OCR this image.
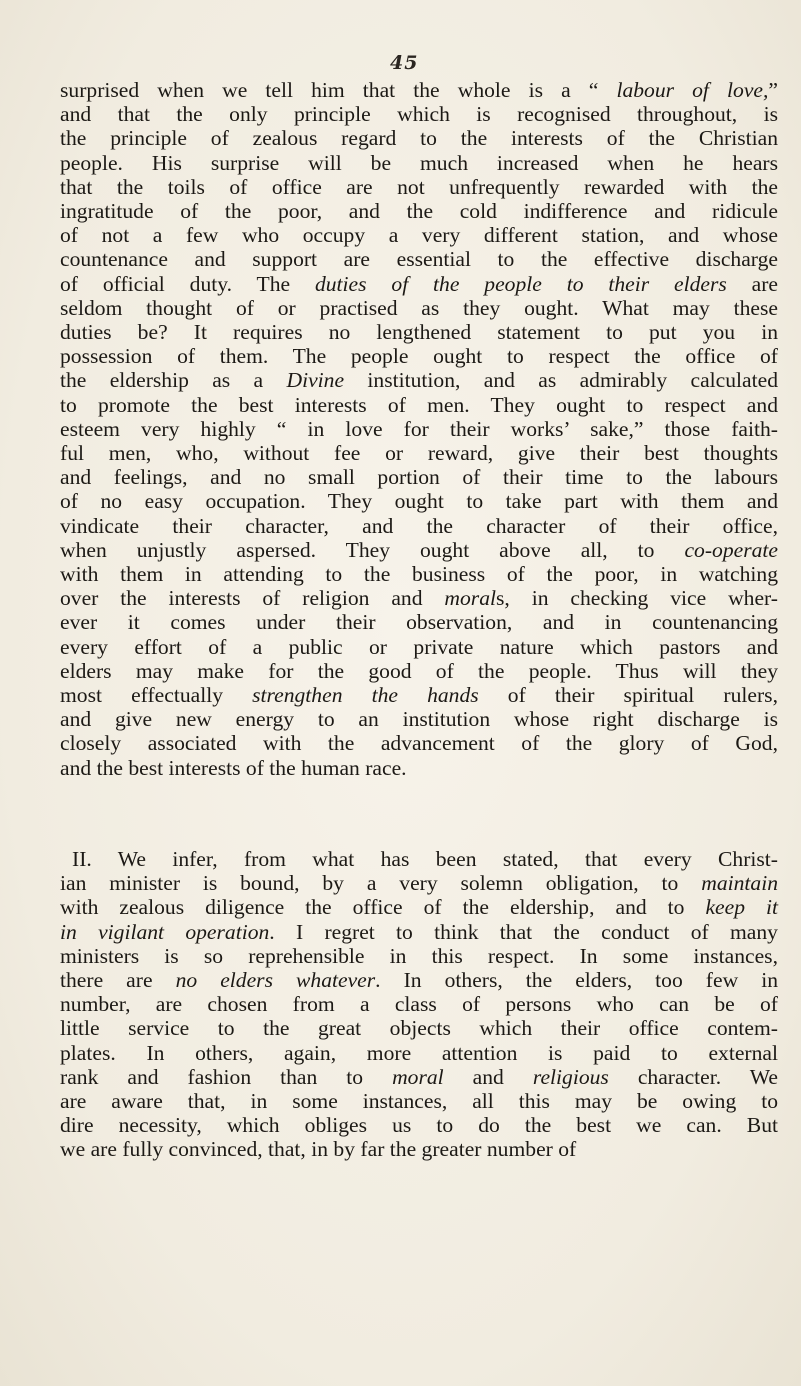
45
surprised when we tell him that the whole is a “ labour of love,”
and that the only principle which is recognised throughout, is
the principle of zealous regard to the interests of the Christian
people. His surprise will be much increased when he hears
that the toils of office are not unfrequently rewarded with the
ingratitude of the poor, and the cold indifference and ridicule
of not a few who occupy a very different station, and whose
countenance and support are essential to the effective discharge
of official duty. The duties of the people to their elders are
seldom thought of or practised as they ought. What may these
duties be? It requires no lengthened statement to put you in
possession of them. The people ought to respect the office of
the eldership as a Divine institution, and as admirably calculated
to promote the best interests of men. They ought to respect and
esteem very highly “ in love for their works’ sake,” those faith-
ful men, who, without fee or reward, give their best thoughts
and feelings, and no small portion of their time to the labours
of no easy occupation. They ought to take part with them and
vindicate their character, and the character of their office,
when unjustly aspersed. They ought above all, to co-operate
with them in attending to the business of the poor, in watching
over the interests of religion and morals, in checking vice wher-
ever it comes under their observation, and in countenancing
every effort of a public or private nature which pastors and
elders may make for the good of the people. Thus will they
most effectually strengthen the hands of their spiritual rulers,
and give new energy to an institution whose right discharge is
closely associated with the advancement of the glory of God,
and the best interests of the human race.
II. We infer, from what has been stated, that every Christ-
ian minister is bound, by a very solemn obligation, to maintain
with zealous diligence the office of the eldership, and to keep it
in vigilant operation. I regret to think that the conduct of many
ministers is so reprehensible in this respect. In some instances,
there are no elders whatever. In others, the elders, too few in
number, are chosen from a class of persons who can be of
little service to the great objects which their office contem-
plates. In others, again, more attention is paid to external
rank and fashion than to moral and religious character. We
are aware that, in some instances, all this may be owing to
dire necessity, which obliges us to do the best we can. But
we are fully convinced, that, in by far the greater number of
